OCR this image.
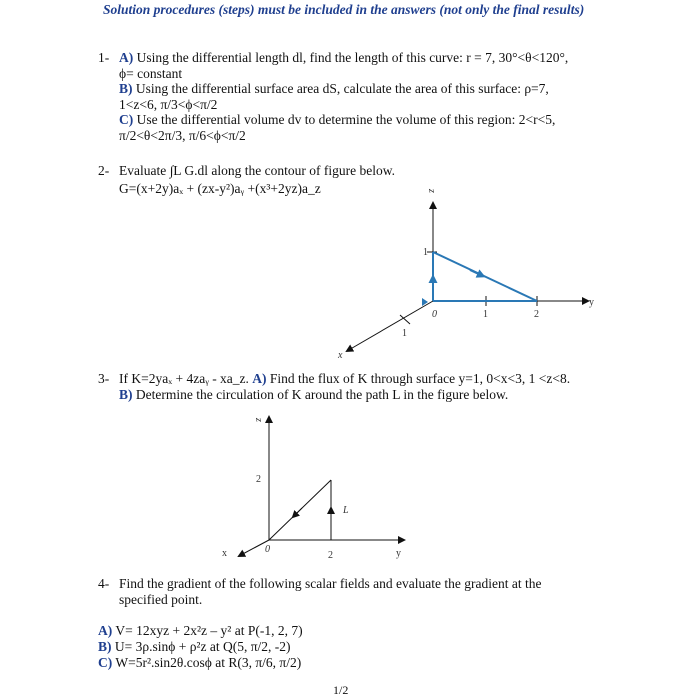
Solution procedures (steps) must be included in the answers (not only the final results)
1- A) Using the differential length dl, find the length of this curve: r = 7, 30°<θ<120°,
ϕ= constant
B) Using the differential surface area dS, calculate the area of this surface: ρ=7,
1<z<6, π/3<ϕ<π/2
C) Use the differential volume dv to determine the volume of this region: 2<r<5,
π/2<θ<2π/3, π/6<ϕ<π/2
2- Evaluate ∫L G.dl along the contour of figure below.
G=(x+2y)aₓ + (zx-y²)aᵧ +(x³+2yz)a_z	z
y
x
1
0	1	2
1
3- If K=2yaₓ + 4zaᵧ - xa_z. A) Find the flux of K through surface y=1, 0<x<3, 1 <z<8.
B) Determine the circulation of K around the path L in the figure below.
z
y
x
2
0
2
L
4- Find the gradient of the following scalar fields and evaluate the gradient at the
specified point.
A) V= 12xyz + 2x²z – y² at P(-1, 2, 7)
B) U= 3ρ.sinϕ + ρ²z at Q(5, π/2, -2)
C) W=5r².sin2θ.cosϕ at R(3, π/6, π/2)
1/2
